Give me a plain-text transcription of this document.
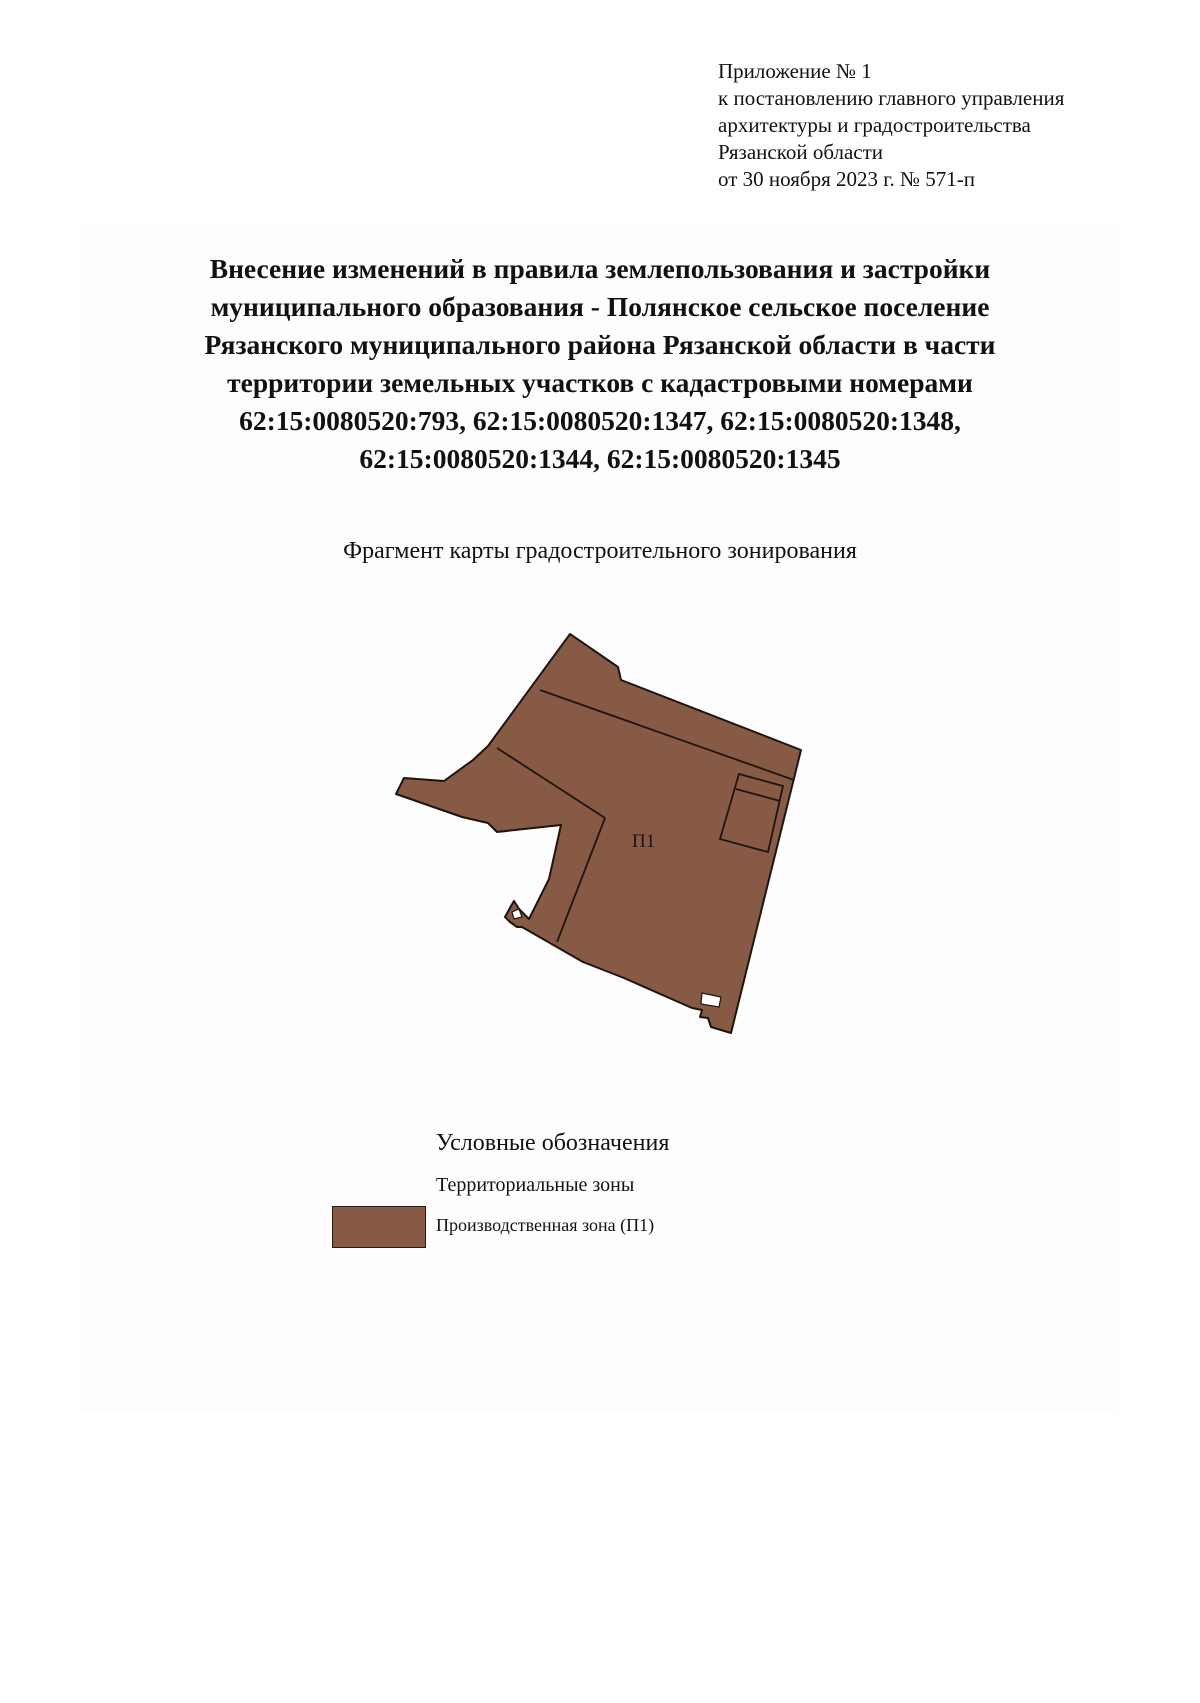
Приложение № 1
к постановлению главного управления
архитектуры и градостроительства
Рязанской области
от 30 ноября 2023 г. № 571-п
Внесение изменений в правила землепользования и застройки
муниципального образования - Полянское сельское поселение
Рязанского муниципального района Рязанской области в части
территории земельных участков с кадастровыми номерами
62:15:0080520:793, 62:15:0080520:1347, 62:15:0080520:1348,
62:15:0080520:1344, 62:15:0080520:1345
Фрагмент карты градостроительного зонирования
П1
Условные обозначения
Территориальные зоны
Производственная зона (П1)
